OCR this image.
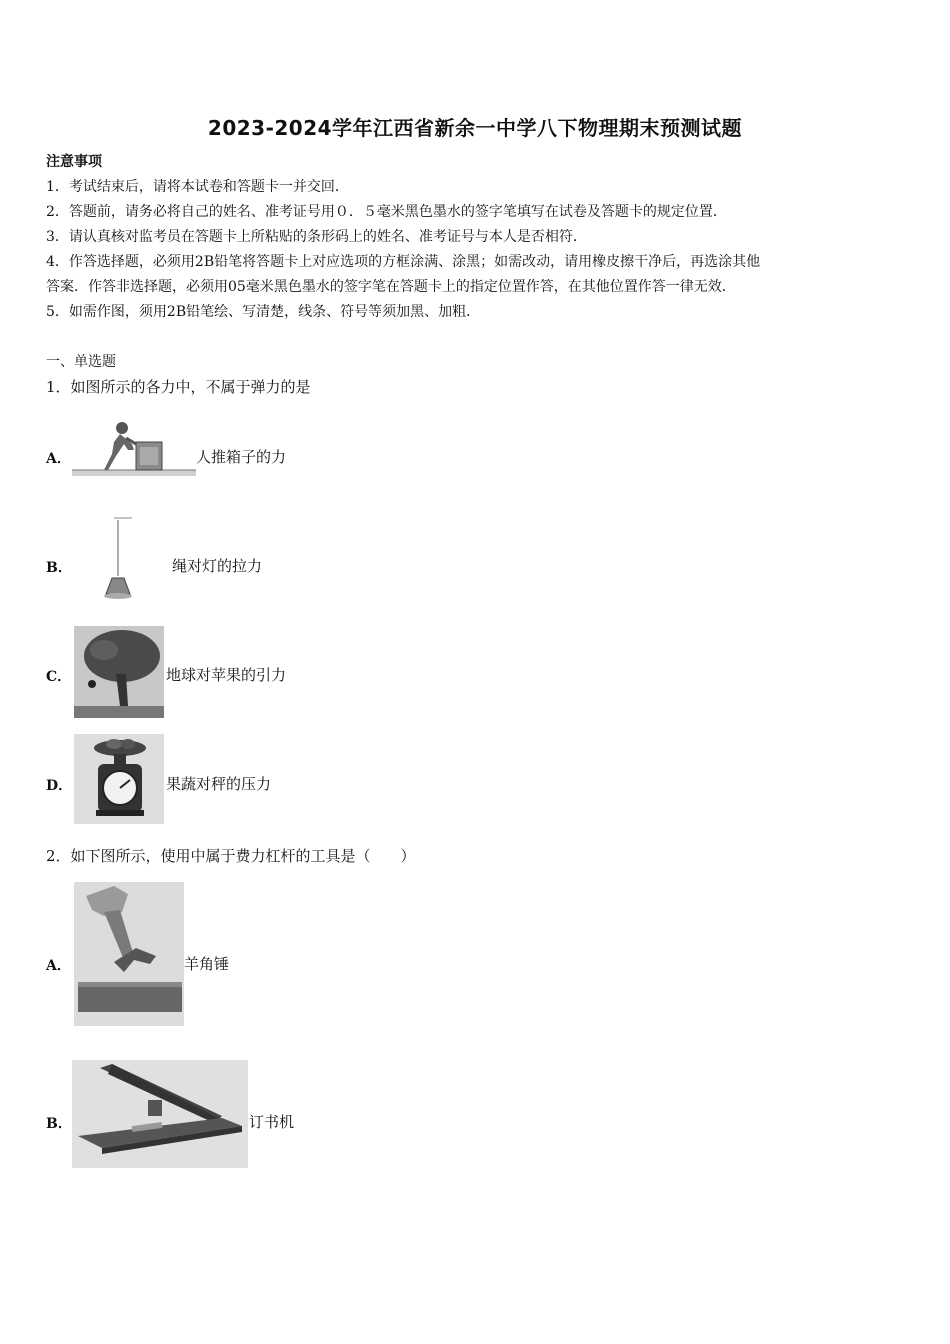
2023-2024学年江西省新余一中学八下物理期末预测试题
注意事项
1．考试结束后，请将本试卷和答题卡一并交回．
2．答题前，请务必将自己的姓名、准考证号用０．５毫米黑色墨水的签字笔填写在试卷及答题卡的规定位置．
3．请认真核对监考员在答题卡上所粘贴的条形码上的姓名、准考证号与本人是否相符．
4．作答选择题，必须用2B铅笔将答题卡上对应选项的方框涂满、涂黑；如需改动，请用橡皮擦干净后，再选涂其他
答案．作答非选择题，必须用05毫米黑色墨水的签字笔在答题卡上的指定位置作答，在其他位置作答一律无效．
5．如需作图，须用2B铅笔绘、写清楚，线条、符号等须加黑、加粗．
一、单选题
1．如图所示的各力中，不属于弹力的是
A．	人推箱子的力
B．	绳对灯的拉力
C．	地球对苹果的引力
D．	果蔬对秤的压力
2．如下图所示，使用中属于费力杠杆的工具是（　　）
A．	羊角锤
B．	订书机
